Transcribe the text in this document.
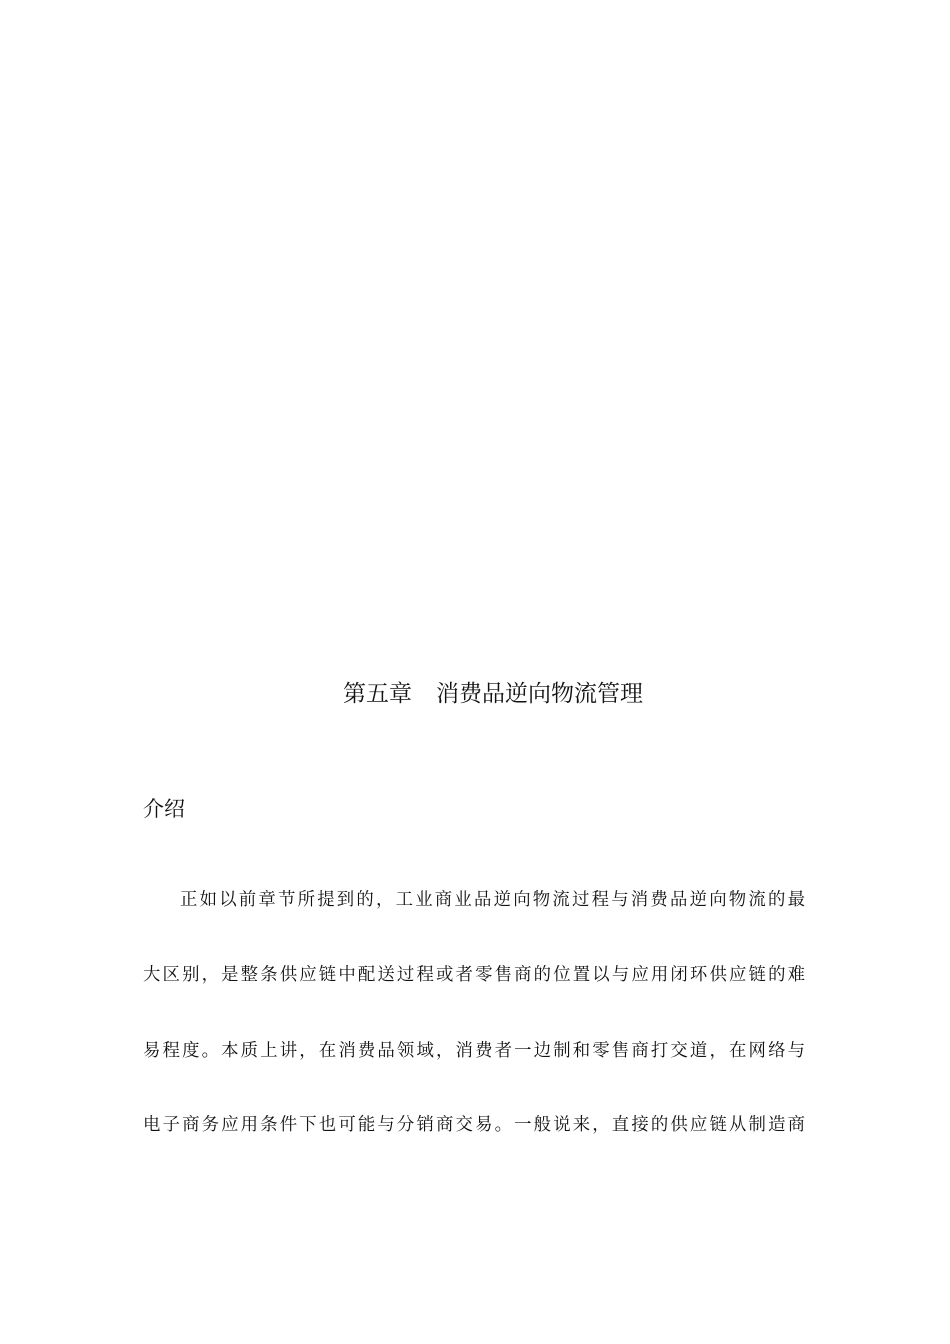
第五章 消费品逆向物流管理
介绍
正如以前章节所提到的，工业商业品逆向物流过程与消费品逆向物流的最
大区别，是整条供应链中配送过程或者零售商的位置以与应用闭环供应链的难
易程度。本质上讲，在消费品领域，消费者一边制和零售商打交道，在网络与
电子商务应用条件下也可能与分销商交易。一般说来，直接的供应链从制造商
